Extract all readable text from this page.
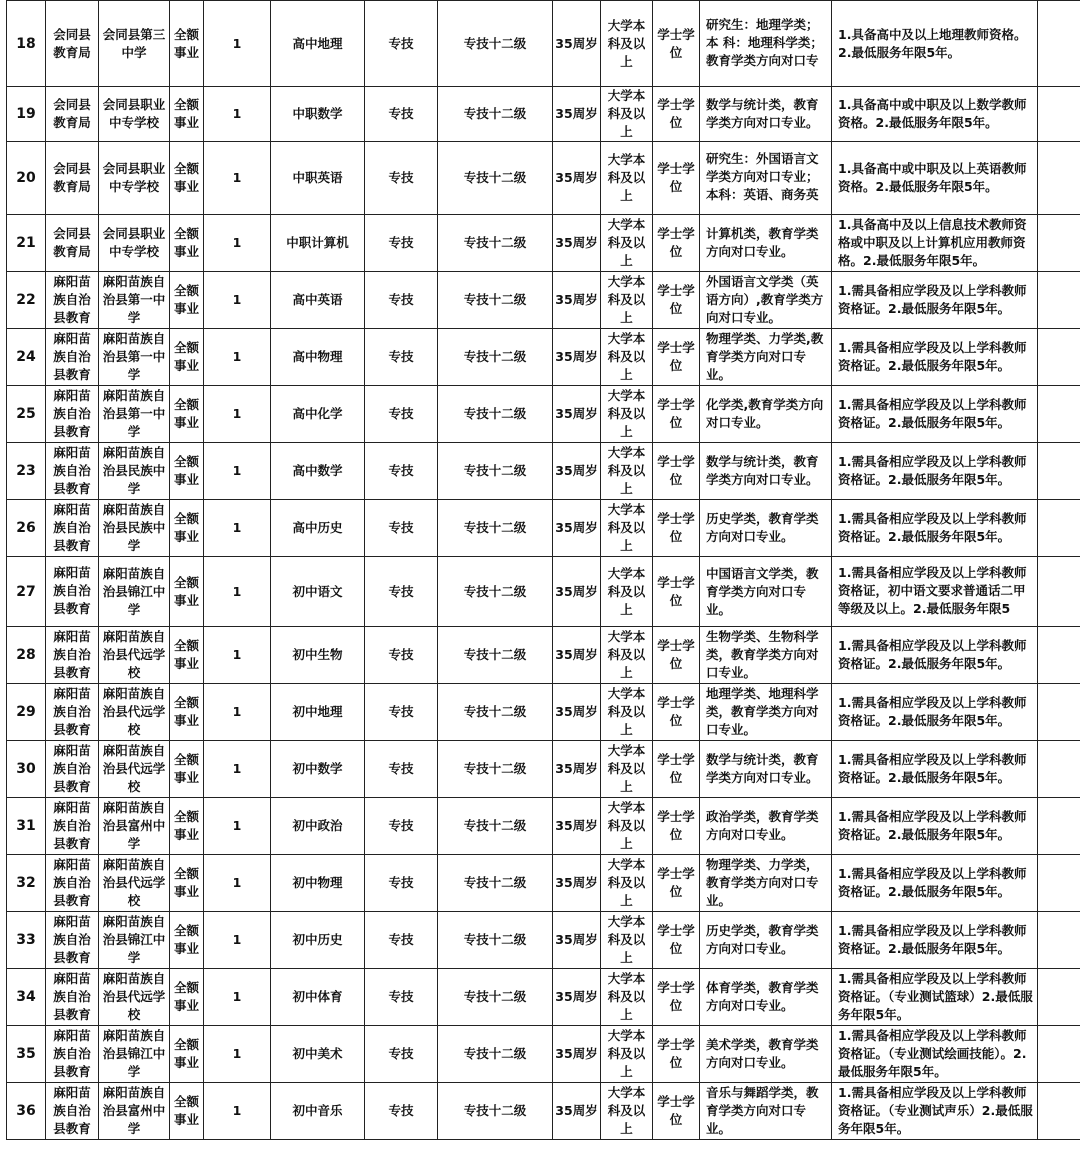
18	会同县教育局	会同县第三中学	全额事业	1	高中地理	专技	专技十二级	35周岁	大学本科及以上	学士学位	研究生：地理学类；本 科：地理科学类；教育学类方向对口专	1.具备高中及以上地理教师资格。2.最低服务年限5年。	

19	会同县教育局	会同县职业中专学校	全额事业	1	中职数学	专技	专技十二级	35周岁	大学本科及以上	学士学位	数学与统计类，教育学类方向对口专业。	1.具备高中或中职及以上数学教师资格。2.最低服务年限5年。	

20	会同县教育局	会同县职业中专学校	全额事业	1	中职英语	专技	专技十二级	35周岁	大学本科及以上	学士学位	研究生：外国语言文学类方向对口专业；本科：英语、商务英	1.具备高中或中职及以上英语教师资格。2.最低服务年限5年。	

21	会同县教育局	会同县职业中专学校	全额事业	1	中职计算机	专技	专技十二级	35周岁	大学本科及以上	学士学位	计算机类，教育学类方向对口专业。	1.具备高中及以上信息技术教师资格或中职及以上计算机应用教师资格。2.最低服务年限5年。	

22	麻阳苗族自治县教育	麻阳苗族自治县第一中学	全额事业	1	高中英语	专技	专技十二级	35周岁	大学本科及以上	学士学位	外国语言文学类（英语方向）,教育学类方向对口专业。	1.需具备相应学段及以上学科教师资格证。2.最低服务年限5年。	

24	麻阳苗族自治县教育	麻阳苗族自治县第一中学	全额事业	1	高中物理	专技	专技十二级	35周岁	大学本科及以上	学士学位	物理学类、力学类,教育学类方向对口专业。	1.需具备相应学段及以上学科教师资格证。2.最低服务年限5年。	

25	麻阳苗族自治县教育	麻阳苗族自治县第一中学	全额事业	1	高中化学	专技	专技十二级	35周岁	大学本科及以上	学士学位	化学类,教育学类方向对口专业。	1.需具备相应学段及以上学科教师资格证。2.最低服务年限5年。	

23	麻阳苗族自治县教育	麻阳苗族自治县民族中学	全额事业	1	高中数学	专技	专技十二级	35周岁	大学本科及以上	学士学位	数学与统计类，教育学类方向对口专业。	1.需具备相应学段及以上学科教师资格证。2.最低服务年限5年。	

26	麻阳苗族自治县教育	麻阳苗族自治县民族中学	全额事业	1	高中历史	专技	专技十二级	35周岁	大学本科及以上	学士学位	历史学类，教育学类方向对口专业。	1.需具备相应学段及以上学科教师资格证。2.最低服务年限5年。	

27	麻阳苗族自治县教育	麻阳苗族自治县锦江中学	全额事业	1	初中语文	专技	专技十二级	35周岁	大学本科及以上	学士学位	中国语言文学类，教育学类方向对口专业。	1.需具备相应学段及以上学科教师资格证，初中语文要求普通话二甲等级及以上。2.最低服务年限5	

28	麻阳苗族自治县教育	麻阳苗族自治县代远学校	全额事业	1	初中生物	专技	专技十二级	35周岁	大学本科及以上	学士学位	生物学类、生物科学类，教育学类方向对口专业。	1.需具备相应学段及以上学科教师资格证。2.最低服务年限5年。	

29	麻阳苗族自治县教育	麻阳苗族自治县代远学校	全额事业	1	初中地理	专技	专技十二级	35周岁	大学本科及以上	学士学位	地理学类、地理科学类，教育学类方向对口专业。	1.需具备相应学段及以上学科教师资格证。2.最低服务年限5年。	

30	麻阳苗族自治县教育	麻阳苗族自治县代远学校	全额事业	1	初中数学	专技	专技十二级	35周岁	大学本科及以上	学士学位	数学与统计类，教育学类方向对口专业。	1.需具备相应学段及以上学科教师资格证。2.最低服务年限5年。	

31	麻阳苗族自治县教育	麻阳苗族自治县富州中学	全额事业	1	初中政治	专技	专技十二级	35周岁	大学本科及以上	学士学位	政治学类，教育学类方向对口专业。	1.需具备相应学段及以上学科教师资格证。2.最低服务年限5年。	

32	麻阳苗族自治县教育	麻阳苗族自治县代远学校	全额事业	1	初中物理	专技	专技十二级	35周岁	大学本科及以上	学士学位	物理学类、力学类，教育学类方向对口专业。	1.需具备相应学段及以上学科教师资格证。2.最低服务年限5年。	

33	麻阳苗族自治县教育	麻阳苗族自治县锦江中学	全额事业	1	初中历史	专技	专技十二级	35周岁	大学本科及以上	学士学位	历史学类，教育学类方向对口专业。	1.需具备相应学段及以上学科教师资格证。2.最低服务年限5年。	

34	麻阳苗族自治县教育	麻阳苗族自治县代远学校	全额事业	1	初中体育	专技	专技十二级	35周岁	大学本科及以上	学士学位	体育学类，教育学类方向对口专业。	1.需具备相应学段及以上学科教师资格证。（专业测试篮球）2.最低服务年限5年。	

35	麻阳苗族自治县教育	麻阳苗族自治县锦江中学	全额事业	1	初中美术	专技	专技十二级	35周岁	大学本科及以上	学士学位	美术学类，教育学类方向对口专业。	1.需具备相应学段及以上学科教师资格证。（专业测试绘画技能）。2.最低服务年限5年。	

36	麻阳苗族自治县教育	麻阳苗族自治县富州中学	全额事业	1	初中音乐	专技	专技十二级	35周岁	大学本科及以上	学士学位	音乐与舞蹈学类，教育学类方向对口专业。	1.需具备相应学段及以上学科教师资格证。（专业测试声乐）2.最低服务年限5年。	
